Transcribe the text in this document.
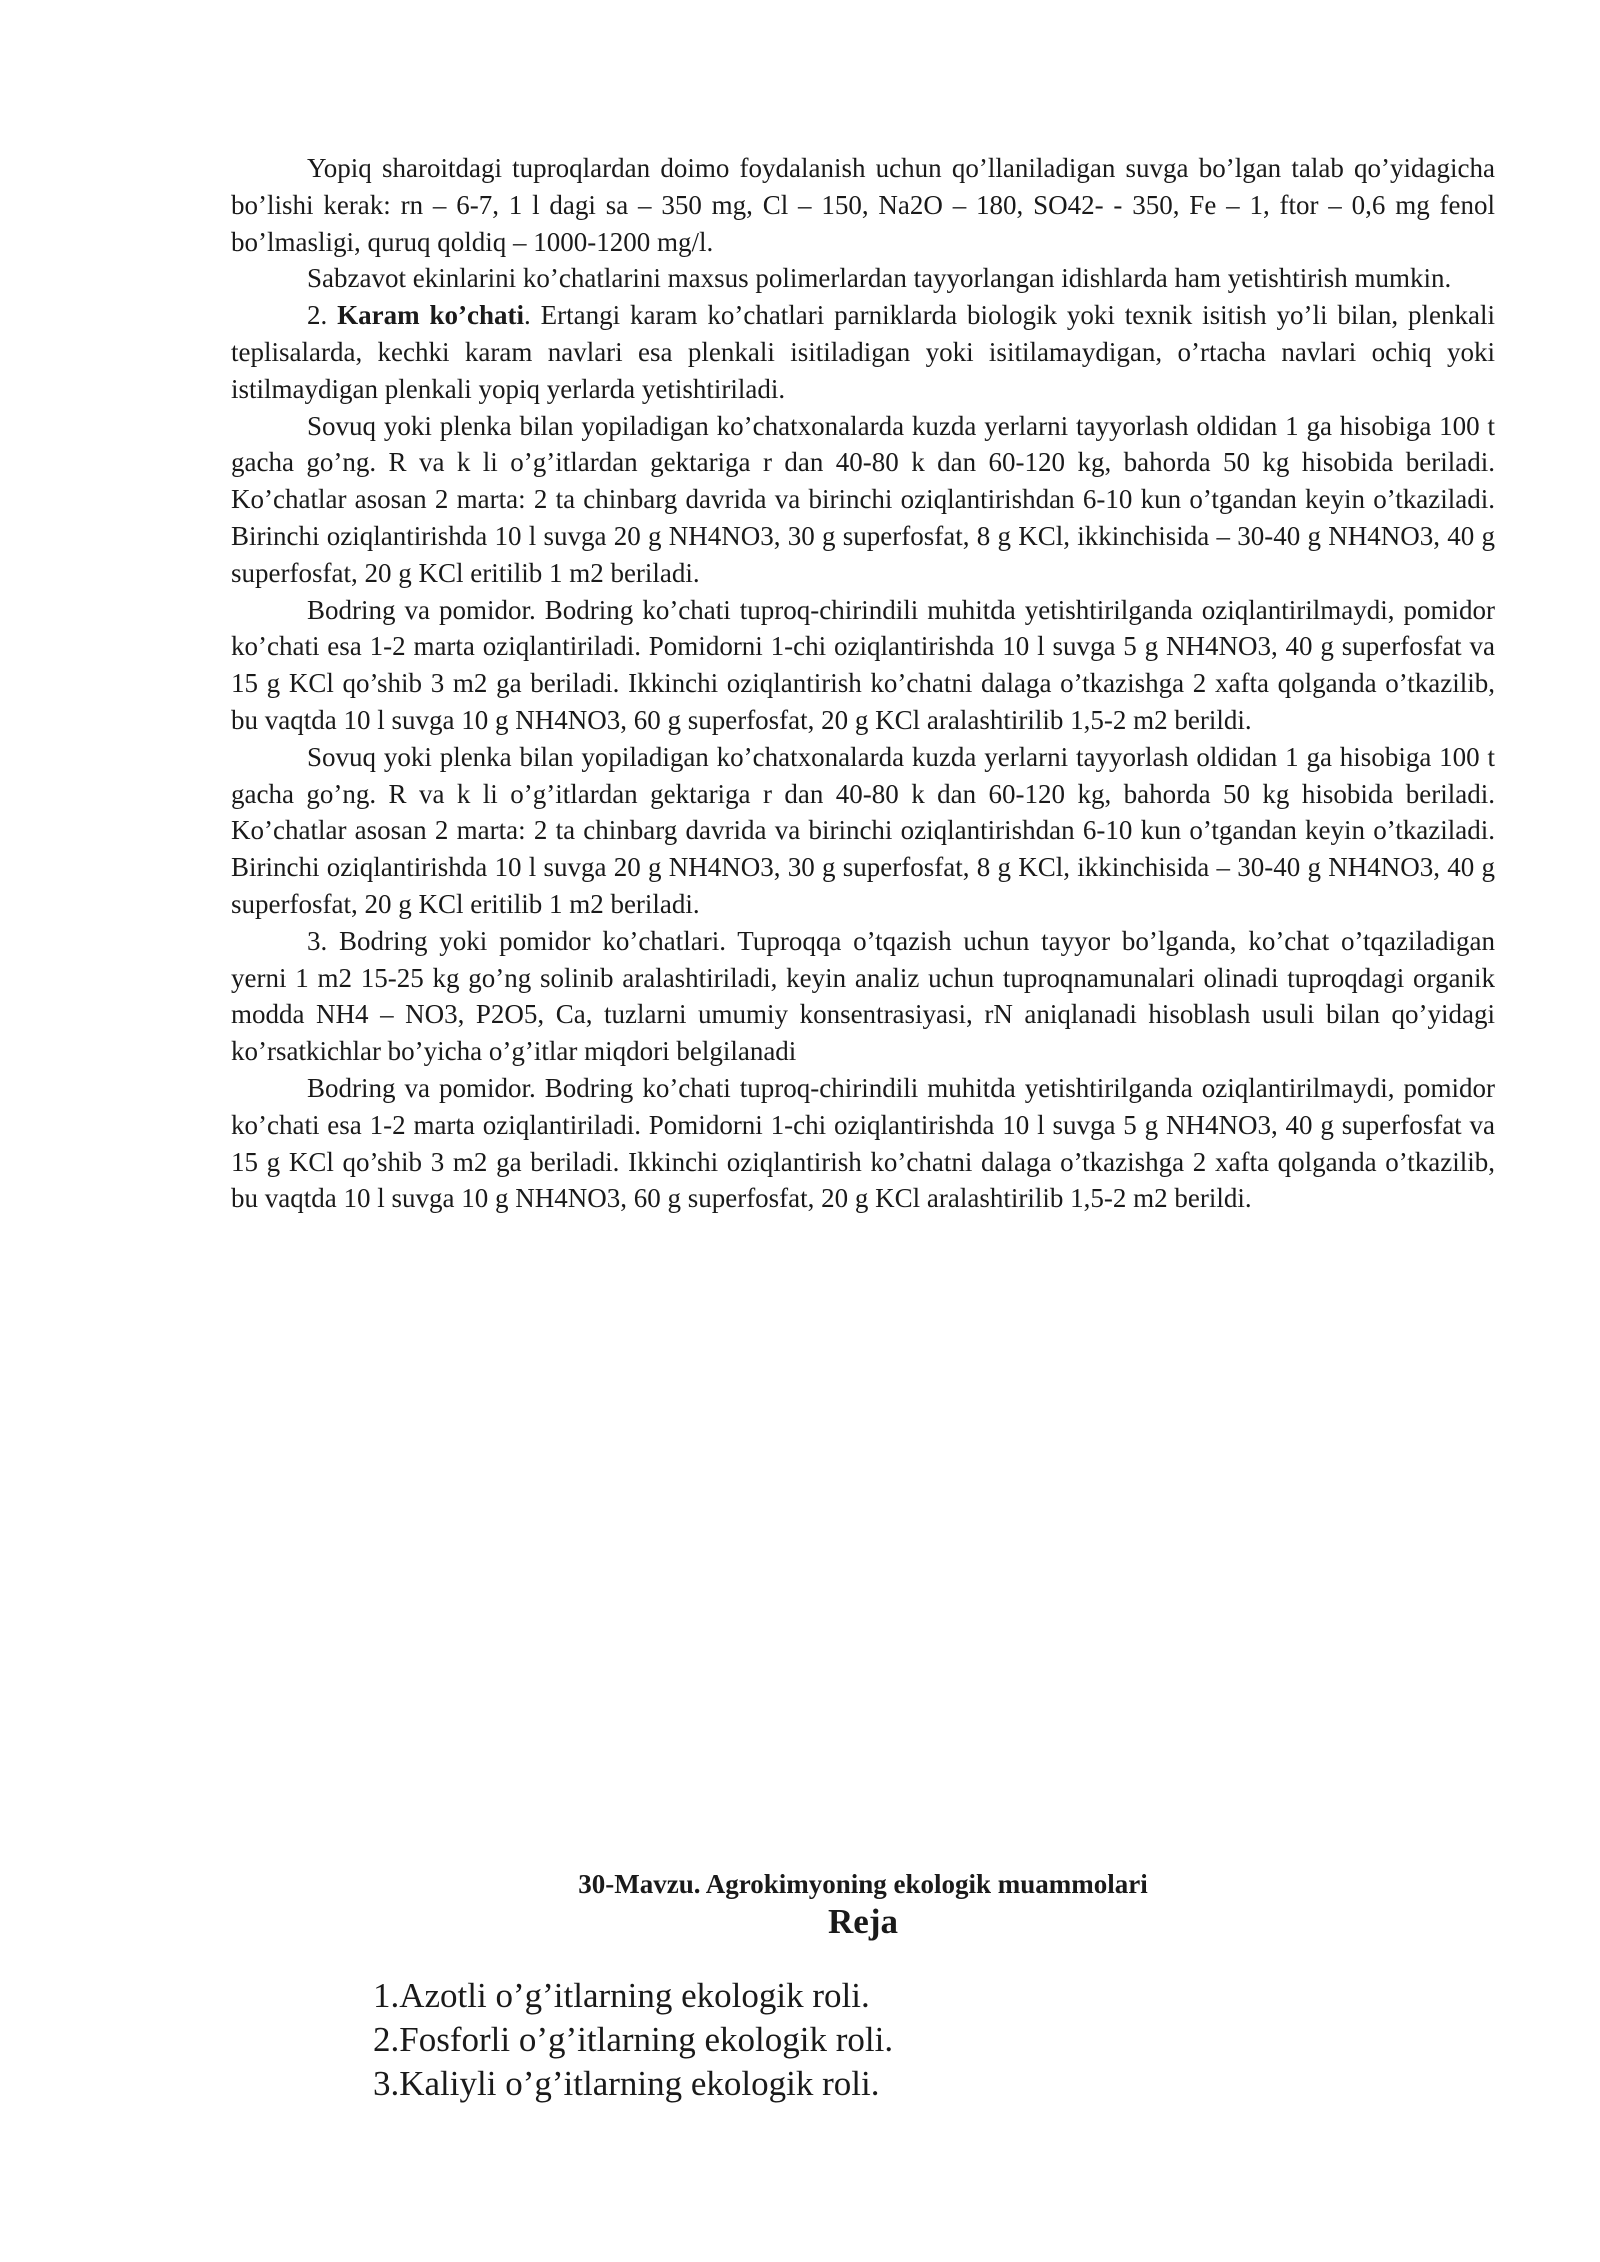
Yopiq sharoitdagi tuproqlardan doimo foydalanish uchun qo’llaniladigan suvga bo’lgan talab qo’yidagicha bo’lishi kerak: rn – 6-7, 1 l dagi sa – 350 mg, Cl – 150, Na2O – 180, SO42- - 350, Fe – 1, ftor – 0,6 mg fenol bo’lmasligi, quruq qoldiq – 1000-1200 mg/l.

Sabzavot ekinlarini ko’chatlarini maxsus polimerlardan tayyorlangan idishlarda ham yetishtirish mumkin.

2. Karam ko’chati. Ertangi karam ko’chatlari parniklarda biologik yoki texnik isitish yo’li bilan, plenkali teplisalarda, kechki karam navlari esa plenkali isitiladigan yoki isitilamaydigan, o’rtacha navlari ochiq yoki istilmaydigan plenkali yopiq yerlarda yetishtiriladi.

Sovuq yoki plenka bilan yopiladigan ko’chatxonalarda kuzda yerlarni tayyorlash oldidan 1 ga hisobiga 100 t gacha go’ng. R va k li o’g’itlardan gektariga r dan 40-80 k dan 60-120 kg, bahorda 50 kg hisobida beriladi. Ko’chatlar asosan 2 marta: 2 ta chinbarg davrida va birinchi oziqlantirishdan 6-10 kun o’tgandan keyin o’tkaziladi. Birinchi oziqlantirishda 10 l suvga 20 g NH4NO3, 30 g superfosfat, 8 g KCl, ikkinchisida – 30-40 g NH4NO3, 40 g superfosfat, 20 g KCl eritilib 1 m2 beriladi.

Bodring va pomidor. Bodring ko’chati tuproq-chirindili muhitda yetishtirilganda oziqlantirilmaydi, pomidor ko’chati esa 1-2 marta oziqlantiriladi. Pomidorni 1-chi oziqlantirishda 10 l suvga 5 g NH4NO3, 40 g superfosfat va 15 g KCl qo’shib 3 m2 ga beriladi. Ikkinchi oziqlantirish ko’chatni dalaga o’tkazishga 2 xafta qolganda o’tkazilib, bu vaqtda 10 l suvga 10 g NH4NO3, 60 g superfosfat, 20 g KCl aralashtirilib 1,5-2 m2 berildi.

Sovuq yoki plenka bilan yopiladigan ko’chatxonalarda kuzda yerlarni tayyorlash oldidan 1 ga hisobiga 100 t gacha go’ng. R va k li o’g’itlardan gektariga r dan 40-80 k dan 60-120 kg, bahorda 50 kg hisobida beriladi. Ko’chatlar asosan 2 marta: 2 ta chinbarg davrida va birinchi oziqlantirishdan 6-10 kun o’tgandan keyin o’tkaziladi. Birinchi oziqlantirishda 10 l suvga 20 g NH4NO3, 30 g superfosfat, 8 g KCl, ikkinchisida – 30-40 g NH4NO3, 40 g superfosfat, 20 g KCl eritilib 1 m2 beriladi.

3. Bodring yoki pomidor ko’chatlari. Tuproqqa o’tqazish uchun tayyor bo’lganda, ko’chat o’tqaziladigan yerni 1 m2 15-25 kg go’ng solinib aralashtiriladi, keyin analiz uchun tuproqnamunalari olinadi tuproqdagi organik modda NH4 – NO3, P2O5, Ca, tuzlarni umumiy konsentrasiyasi, rN aniqlanadi hisoblash usuli bilan qo’yidagi ko’rsatkichlar bo’yicha o’g’itlar miqdori belgilanadi

Bodring va pomidor. Bodring ko’chati tuproq-chirindili muhitda yetishtirilganda oziqlantirilmaydi, pomidor ko’chati esa 1-2 marta oziqlantiriladi. Pomidorni 1-chi oziqlantirishda 10 l suvga 5 g NH4NO3, 40 g superfosfat va 15 g KCl qo’shib 3 m2 ga beriladi. Ikkinchi oziqlantirish ko’chatni dalaga o’tkazishga 2 xafta qolganda o’tkazilib, bu vaqtda 10 l suvga 10 g NH4NO3, 60 g superfosfat, 20 g KCl aralashtirilib 1,5-2 m2 berildi.

30-Mavzu. Agrokimyoning ekologik muammolari
Reja
1.Azotli o’g’itlarning ekologik roli.
2.Fosforli o’g’itlarning ekologik roli.
3.Kaliyli o’g’itlarning ekologik roli.
